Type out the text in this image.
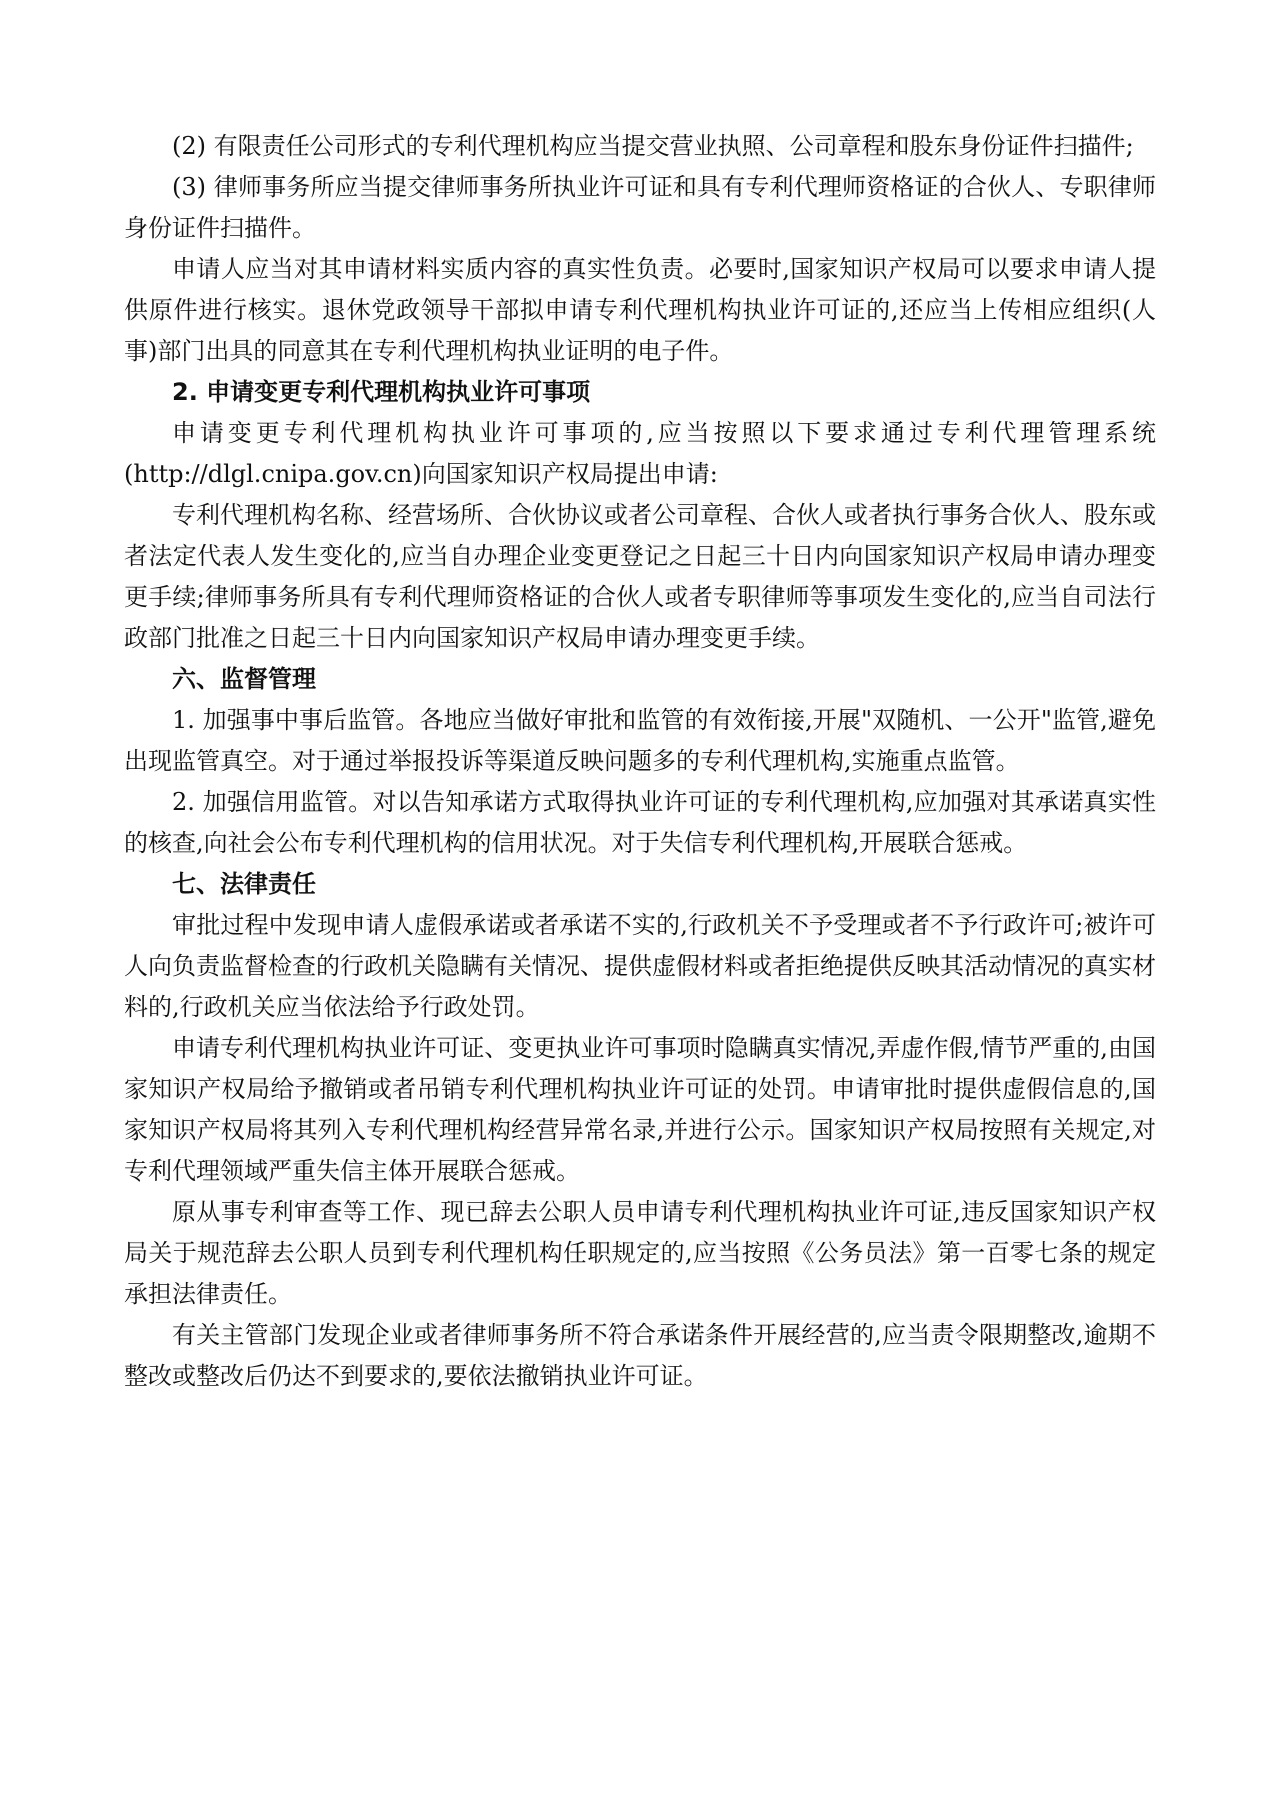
(2) 有限责任公司形式的专利代理机构应当提交营业执照、公司章程和股东身份证件扫描件;

(3) 律师事务所应当提交律师事务所执业许可证和具有专利代理师资格证的合伙人、专职律师身份证件扫描件。

申请人应当对其申请材料实质内容的真实性负责。必要时,国家知识产权局可以要求申请人提供原件进行核实。退休党政领导干部拟申请专利代理机构执业许可证的,还应当上传相应组织(人事)部门出具的同意其在专利代理机构执业证明的电子件。

2. 申请变更专利代理机构执业许可事项

申请变更专利代理机构执业许可事项的,应当按照以下要求通过专利代理管理系统(http://dlgl.cnipa.gov.cn)向国家知识产权局提出申请:

专利代理机构名称、经营场所、合伙协议或者公司章程、合伙人或者执行事务合伙人、股东或者法定代表人发生变化的,应当自办理企业变更登记之日起三十日内向国家知识产权局申请办理变更手续;律师事务所具有专利代理师资格证的合伙人或者专职律师等事项发生变化的,应当自司法行政部门批准之日起三十日内向国家知识产权局申请办理变更手续。

六、监督管理

1. 加强事中事后监管。各地应当做好审批和监管的有效衔接,开展"双随机、一公开"监管,避免出现监管真空。对于通过举报投诉等渠道反映问题多的专利代理机构,实施重点监管。

2. 加强信用监管。对以告知承诺方式取得执业许可证的专利代理机构,应加强对其承诺真实性的核查,向社会公布专利代理机构的信用状况。对于失信专利代理机构,开展联合惩戒。

七、法律责任

审批过程中发现申请人虚假承诺或者承诺不实的,行政机关不予受理或者不予行政许可;被许可人向负责监督检查的行政机关隐瞒有关情况、提供虚假材料或者拒绝提供反映其活动情况的真实材料的,行政机关应当依法给予行政处罚。

申请专利代理机构执业许可证、变更执业许可事项时隐瞒真实情况,弄虚作假,情节严重的,由国家知识产权局给予撤销或者吊销专利代理机构执业许可证的处罚。申请审批时提供虚假信息的,国家知识产权局将其列入专利代理机构经营异常名录,并进行公示。国家知识产权局按照有关规定,对专利代理领域严重失信主体开展联合惩戒。

原从事专利审查等工作、现已辞去公职人员申请专利代理机构执业许可证,违反国家知识产权局关于规范辞去公职人员到专利代理机构任职规定的,应当按照《公务员法》第一百零七条的规定承担法律责任。

有关主管部门发现企业或者律师事务所不符合承诺条件开展经营的,应当责令限期整改,逾期不整改或整改后仍达不到要求的,要依法撤销执业许可证。
